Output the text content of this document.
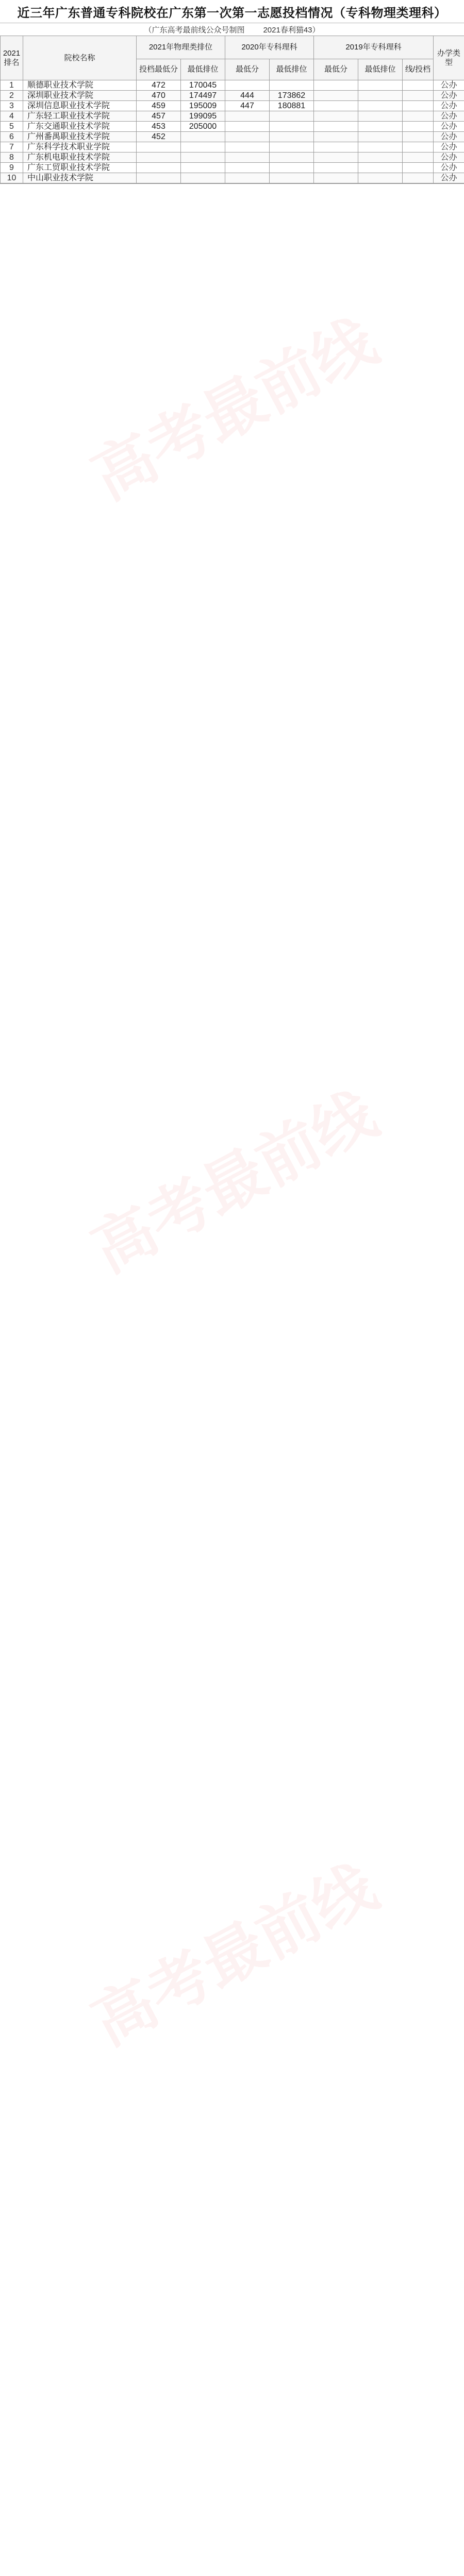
近三年广东普通专科院校在广东第一次第一志愿投档情况（专科物理类理科）
（广东高考最前线公众号制图 2021春利猫43）
2021排名	院校名称	2021年物理类排位		2020年专科理科		2019年专科理科			办学类型
		投档最低分	最低排位	最低分	最低排位	最低分	最低排位	线/投档	
1	顺德职业技术学院	472	170045						公办
2	深圳职业技术学院	470	174497	444	173862				公办
3	深圳信息职业技术学院	459	195009	447	180881				公办
4	广东轻工职业技术学院	457	199095						公办
5	广东交通职业技术学院	453	205000						公办
6	广州番禺职业技术学院	452							公办
7	广东科学技术职业学院								公办
8	广东机电职业技术学院								公办
9	广东工贸职业技术学院								公办
10	中山职业技术学院								公办
高考最前线
高考最前线
高考最前线
